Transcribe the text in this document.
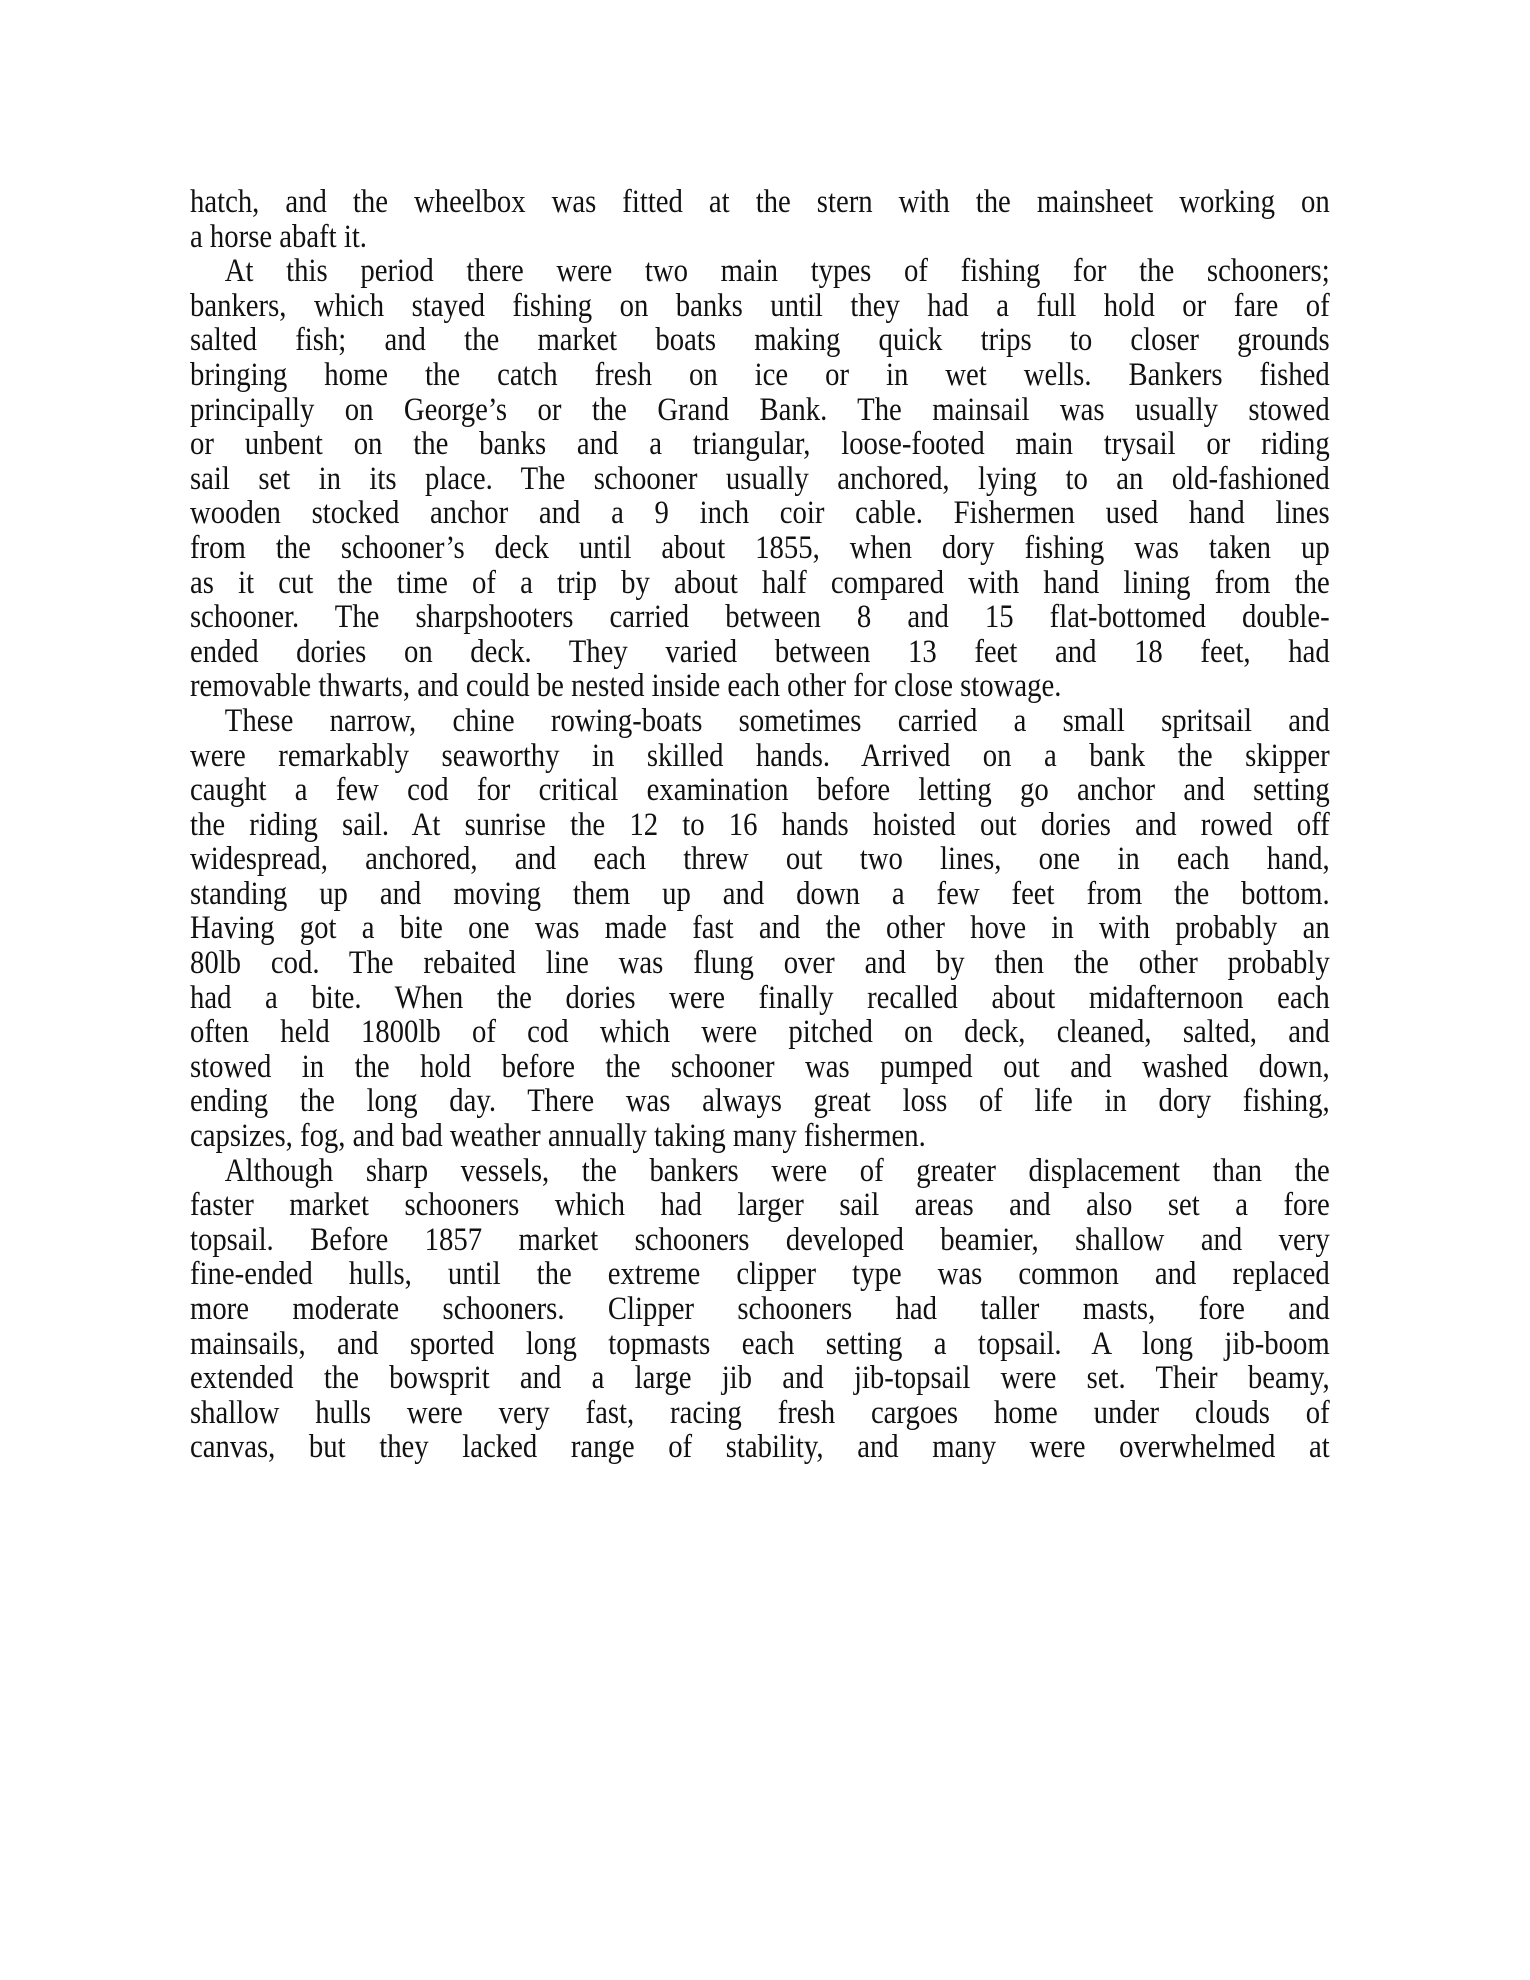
hatch, and the wheelbox was fitted at the stern with the mainsheet working on
a horse abaft it.
At this period there were two main types of fishing for the schooners;
bankers, which stayed fishing on banks until they had a full hold or fare of
salted fish; and the market boats making quick trips to closer grounds
bringing home the catch fresh on ice or in wet wells. Bankers fished
principally on George’s or the Grand Bank. The mainsail was usually stowed
or unbent on the banks and a triangular, loose-footed main trysail or riding
sail set in its place. The schooner usually anchored, lying to an old-fashioned
wooden stocked anchor and a 9 inch coir cable. Fishermen used hand lines
from the schooner’s deck until about 1855, when dory fishing was taken up
as it cut the time of a trip by about half compared with hand lining from the
schooner. The sharpshooters carried between 8 and 15 flat-bottomed double-
ended dories on deck. They varied between 13 feet and 18 feet, had
removable thwarts, and could be nested inside each other for close stowage.
These narrow, chine rowing-boats sometimes carried a small spritsail and
were remarkably seaworthy in skilled hands. Arrived on a bank the skipper
caught a few cod for critical examination before letting go anchor and setting
the riding sail. At sunrise the 12 to 16 hands hoisted out dories and rowed off
widespread, anchored, and each threw out two lines, one in each hand,
standing up and moving them up and down a few feet from the bottom.
Having got a bite one was made fast and the other hove in with probably an
80lb cod. The rebaited line was flung over and by then the other probably
had a bite. When the dories were finally recalled about midafternoon each
often held 1800lb of cod which were pitched on deck, cleaned, salted, and
stowed in the hold before the schooner was pumped out and washed down,
ending the long day. There was always great loss of life in dory fishing,
capsizes, fog, and bad weather annually taking many fishermen.
Although sharp vessels, the bankers were of greater displacement than the
faster market schooners which had larger sail areas and also set a fore
topsail. Before 1857 market schooners developed beamier, shallow and very
fine-ended hulls, until the extreme clipper type was common and replaced
more moderate schooners. Clipper schooners had taller masts, fore and
mainsails, and sported long topmasts each setting a topsail. A long jib-boom
extended the bowsprit and a large jib and jib-topsail were set. Their beamy,
shallow hulls were very fast, racing fresh cargoes home under clouds of
canvas, but they lacked range of stability, and many were overwhelmed at
